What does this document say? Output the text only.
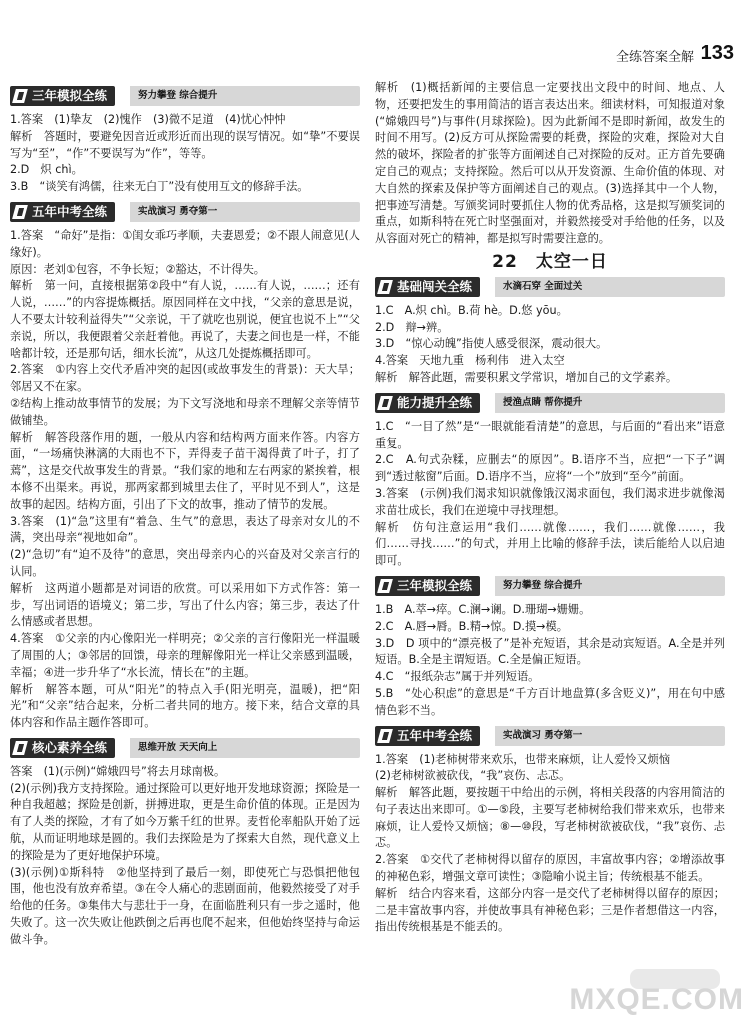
全练答案全解 133
三年模拟全练	努力攀登 综合提升

1.答案　(1)挚友　(2)愧作　(3)微不足道　(4)忧心忡忡

解析　答题时，要避免因音近或形近而出现的误写情况。如“挚”不要误写为“至”，“作”不要误写为“作”，等等。

2.D　炽 chì。

3.B　“谈笑有鸿儒，往来无白丁”没有使用互文的修辞手法。

五年中考全练	实战演习 勇夺第一

1.答案　“命好”是指：①闺女乖巧孝顺，夫妻恩爱；②不跟人闹意见(人缘好)。

原因：老刘①包容，不争长短；②豁达，不计得失。

解析　第一问，直接根据第②段中“有人说，……有人说，……；还有人说，……”的内容提炼概括。原因同样在文中找，“父亲的意思是说，人不要太计较利益得失”“父亲说，干了就吃也别说，便宜也说不上”“父亲说，所以，我便跟着父亲赶着他。再说了，夫妻之间也是一样，不能啥都计较，还是那句话，细水长流”，从这几处提炼概括即可。

2.答案　①内容上交代矛盾冲突的起因(或故事发生的背景)：天大旱；邻居又不在家。

②结构上推动故事情节的发展；为下文写浇地和母亲不理解父亲等情节做铺垫。

解析　解答段落作用的题，一般从内容和结构两方面来作答。内容方面，“一场痛快淋漓的大雨也不下，弄得麦子苗干渴得黄了叶子，打了蔫”，这是交代故事发生的背景。“我们家的地和左右两家的紧挨着，根本修不出渠来。再说，那两家都到城里去住了，平时见不到人”，这是故事的起因。结构方面，引出了下文的故事，推动了情节的发展。

3.答案　(1)“急”这里有“着急、生气”的意思，表达了母亲对女儿的不满，突出母亲“视地如命”。

(2)“急切”有“迫不及待”的意思，突出母亲内心的兴奋及对父亲言行的认同。

解析　这两道小题都是对词语的欣赏。可以采用如下方式作答：第一步，写出词语的语境义；第二步，写出了什么内容；第三步，表达了什么情感或者思想。

4.答案　①父亲的内心像阳光一样明亮；②父亲的言行像阳光一样温暖了周围的人；③邻居的回馈，母亲的理解像阳光一样让父亲感到温暖，幸福；④进一步升华了“水长流，情长在”的主题。

解析　解答本题，可从“阳光”的特点入手(阳光明亮，温暖)，把“阳光”和“父亲”结合起来，分析二者共同的地方。接下来，结合文章的具体内容和作品主题作答即可。

核心素养全练	思维开放 天天向上

答案　(1)(示例)“嫦娥四号”将去月球南极。

(2)(示例)我方支持探险。通过探险可以更好地开发地球资源；探险是一种自我超越；探险是创新，拼搏进取，更是生命价值的体现。正是因为有了人类的探险，才有了如今万紫千红的世界。麦哲伦率船队开始了远航，从而证明地球是圆的。我们去探险是为了探索大自然，现代意义上的探险是为了更好地保护环境。

(3)(示例)①斯科特　②他坚持到了最后一刻，即使死亡与恐惧把他包围，他也没有放弃希望。③在令人痛心的悲剧面前，他毅然接受了对手给他的任务。③集伟大与悲壮于一身，在面临胜利只有一步之遥时，他失败了。这一次失败让他跌倒之后再也爬不起来，但他始终坚持与命运做斗争。

解析　(1)概括新闻的主要信息一定要找出文段中的时间、地点、人物，还要把发生的事用简洁的语言表达出来。细读材料，可知报道对象(“嫦娥四号”)与事件(月球探险)。因为此新闻不是即时新闻，故发生的时间不用写。(2)反方可从探险需要的耗费，探险的灾难，探险对大自然的破坏，探险者的扩张等方面阐述自己对探险的反对。正方首先要确定自己的观点；支持探险。然后可以从开发资源、生命价值的体现、对大自然的探索及保护等方面阐述自己的观点。(3)选择其中一个人物，把事迹写清楚。写颁奖词时要抓住人物的优秀品格，这是拟写颁奖词的重点，如斯科特在死亡时坚强面对，并毅然接受对手给他的任务，以及从容面对死亡的精神，都是拟写时需要注意的。

22　太空一日
基础闯关全练	水滴石穿 全面过关

1.C　A.炽 chì。B.荷 hè。D.悠 yōu。

2.D　辩→辨。

3.D　“惊心动魄”指使人感受很深，震动很大。

4.答案　天地九重　杨利伟　进入太空

解析　解答此题，需要积累文学常识，增加自己的文学素养。

能力提升全练	授渔点睛 帮你提升

1.C　“一目了然”是“一眼就能看清楚”的意思，与后面的“看出来”语意重复。

2.C　A.句式杂糅，应删去“的原因”。B.语序不当，应把“一下子”调到“透过舷窗”后面。D.语序不当，应将“一个”放到“至今”前面。

3.答案　(示例)我们渴求知识就像饿汉渴求面包，我们渴求进步就像渴求苗壮成长，我们在逆境中寻找理想。

解析　仿句注意运用“我们……就像……，我们……就像……，我们……寻找……”的句式，并用上比喻的修辞手法，读后能给人以启迪即可。

三年模拟全练	努力攀登 综合提升

1.B　A.萃→瘁。C.澜→谰。D.珊瑚→姗姗。

2.C　A.唇→脣。B.精→惊。D.摸→模。

3.D　D 项中的“漂亮极了”是补充短语，其余是动宾短语。A.全是并列短语。B.全是主谓短语。C.全是偏正短语。

4.C　“报纸杂志”属于并列短语。

5.B　“处心积虑”的意思是“千方百计地盘算(多含贬义)”，用在句中感情色彩不当。

五年中考全练	实战演习 勇夺第一

1.答案　(1)老柿树带来欢乐，也带来麻烦，让人爱怜又烦恼

(2)老柿树欲被砍伐，“我”哀伤、忐忑。

解析　解答此题，要按题干中给出的示例，将相关段落的内容用简洁的句子表达出来即可。①—⑤段，主要写老柿树给我们带来欢乐，也带来麻烦，让人爱怜又烦恼；⑧—⑩段，写老柿树欲被砍伐，“我”哀伤、忐忑。

2.答案　①交代了老柿树得以留存的原因，丰富故事内容；②增添故事的神秘色彩，增强文章可读性；③隐喻小说主旨；传统根基不能丢。

解析　结合内容来看，这部分内容一是交代了老柿树得以留存的原因；二是丰富故事内容，并使故事具有神秘色彩；三是作者想借这一内容，指出传统根基是不能丢的。

MXQE.COM
